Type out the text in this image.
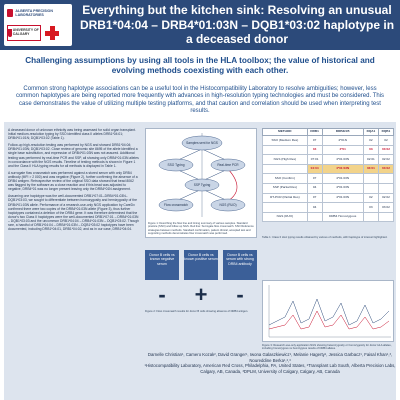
ALBERTA PRECISION LABORATORIES
UNIVERSITY OF CALGARY
Everything but the kitchen sink: Resolving an unusual DRB1*04:04 – DRB4*01:03N – DQB1*03:02 haplotype in a deceased donor
Challenging assumptions by using all tools in the HLA toolbox; the value of historical and evolving methods coexisting with each other.
Common strong haplotype associations can be a useful tool in the Histocompatibility Laboratory to resolve ambiguities; however, less common haplotypes are being reported more frequently with advances in high-resolution typing technologies and must be considered. This case demonstrates the value of utilizing multiple testing platforms, and that caution and correlation should be used when interpreting test results.

A deceased donor of unknown ethnicity was being assessed for solid organ transplant. Initial medium-resolution typing by SSO identified class II alleles DRB1*04:01; DRB4*01:01N; DQB1*03:02 (Table 1).

Follow-up high-resolution testing was performed by NGS and showed DRB1*04:04; DRB4*01:03N; DQB1*03:02. Close review of genomic site 8695 of the allele identified a single base substitution, and expression of DRB4*01:03N was not assured. Additional testing was performed by real-time PCR and SSP, all showing only DRB4*01:03N alleles in concordance with the NGS results. Timeline of testing methods is shown in Figure 1 and the Class II HLA typing results for all methods is displayed in Table 1.

A surrogate flow crossmatch was performed against a stored serum with only DRB4 antibody (MFI > 2 000) and was negative (Figure 2), further confirming the absence of a DRB4 antigen. Retrospective review of the original SSO data showed that bead 8062 was flagged by the software as a close reaction and if this bead was adjusted to negative, DRB4*01 was no longer present leaving only the DRB4*01N assignment.

Assuming one haplotype was the well-documented DRB1*07:01–DRB4*01:03N–DQB1*03:03, we sought to differentiate between homozygosity and hemizygosity of the DRB4*01:03N allele. Performance of a research-use-only NGS application by CareDx confirmed there were two copies of the DRB4*01:03N allele (Figure 3), thus further haplotypes contained a deletion of the DRB4 gene. It was therefore determined that the donor's two Class II haplotypes were the well-documented DRB1*07:01 – DRB4*01:03N – DQB1*03:03 and the uncommon DRB1*04:04 – DRB4*01:03N – DQB1*03:02. Though rare, a handful of DRB1*04:04 – DRB4*01:03N – DQB1*03:02 haplotypes have been documented, including DRB1*04:01, DRB1*04:02, and as in our case, DRB1*04:04.

Samples sent for NGS
SSO Typing	Real-time PCR
SSP Typing
Flow crossmatch	NGS (RUO)
Figure 1: Describing the flow line and timing summary of various samples. Standard practice (SSO) and follow up NGS. Red line: Surrogate flow crossmatch. SSO Reference strategies between methods. Standard confirmation, patient clinical, accepted test and supporting methods demonstrates flow crossmatch was performed.
Donor B cells vs known negative serum
Donor B cells vs known positive serum
Donor B cells vs serum with strong DRB4 antibody
-	+	-
Figure 2: Flow crossmatch results for donor B cells showing absence of DRB4 antigen.
METHOD	DRB1	DRB3/4/5	DQA1	DQB1
SSO (Medium Res)	07	4*01N	02	02
	04	4*01	03	03:02
NGS (High Res)	07:01	4*01:03N	02:01	02:02
	04:04	4*01:03N	03:01	03:02
SSO (Confirm)	07	4*01:03N		
SSP (Partial Res)	04	4*01:03N		
RT-PCR (Partial Res)	07	4*01:03N	02	02:02
	04		03	03:02
NGS (RUO)		DRB4 Homozygous		
Table 1: Class II HLA typing results obtained by various of methods, with haplotype of interest highlighted.
Figure 3: Research-use-only application NGS showing heterozygosity or homozygosity for donor HLA alleles, including homozygous vs hemizygous results of DRB4 alleles.
Darnelle Christian¹, Camero Kozak², David Granger¹, Iwona Galaszkiewicz¹, Melanie Hagerty¹, Jessica Garbacz¹, Faisal Khan¹,³, Noureddine Berka¹,²,³
¹Histocompatibility Laboratory, American Red Cross, Philadelphia, PA, United States, ²Transplant Lab South, Alberta Precision Labs, Calgary, AB, Canada, ³DPLM, University of Calgary, Calgary, AB, Canada
